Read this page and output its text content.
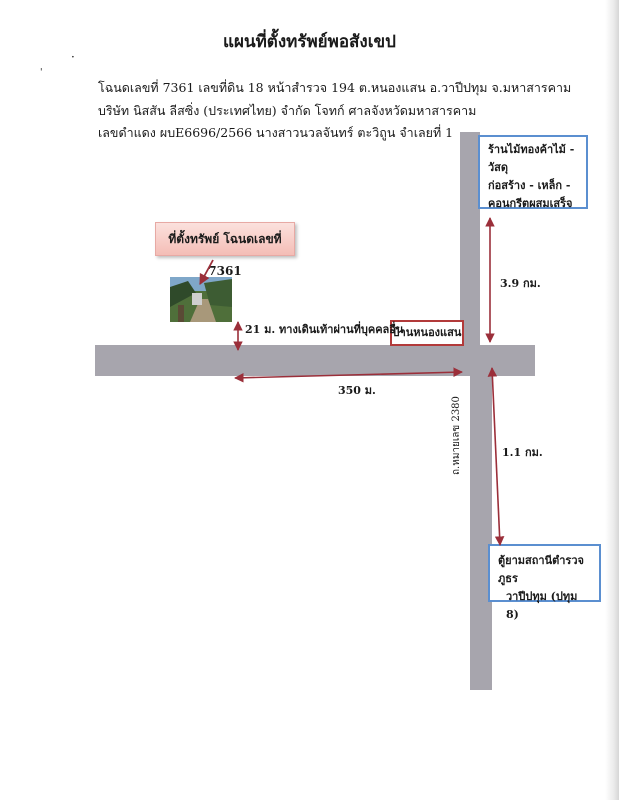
·
'
แผนที่ตั้งทรัพย์พอสังเขป
โฉนดเลขที่ 7361 เลขที่ดิน 18 หน้าสำรวจ 194 ต.หนองแสน อ.วาปีปทุม จ.มหาสารคาม
บริษัท นิสสัน ลีสซิ่ง (ประเทศไทย) จำกัด โจทก์ ศาลจังหวัดมหาสารคาม
เลขดำแดง ผบE6696/2566 นางสาวนวลจันทร์ ตะวิถูน จำเลยที่ 1
ที่ตั้งทรัพย์ โฉนดเลขที่ 7361
ร้านไม้ทองค้าไม้ - วัสดุ
ก่อสร้าง - เหล็ก -
คอนกรีตผสมเสร็จ
ตู้ยามสถานีตำรวจภูธร
วาปีปทุม (ปทุม 8)
บ้านหนองแสน
21 ม. ทางเดินเท้าผ่านที่บุคคลอื่น
350 ม.
3.9 กม.
1.1 กม.
ถ.หมายเลข 2380
